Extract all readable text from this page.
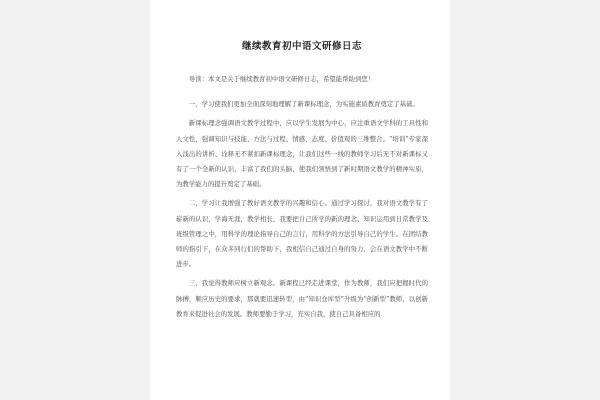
继续教育初中语文研修日志

导读：本文是关于继续教育初中语文研修日志，希望能帮助到您！

一、学习使我们更加全面深刻地理解了新课标理念，为实施素质教育奠定了基础。

新课标理念强调语文教学过程中，应以学生发展为中心，应注重语文学科的工具性和人文性，强调知识与技能、方法与过程、情感、态度、价值观的三维整合。“培训”专家深入浅出的讲析、诠释无不紧扣新课标理念，让我们这些一线的教师学习后无不对新课标又有了一个全新的认识，丰富了我们的头脑，使我们领悟到了新时期语文教学的精神实质，为教学能力的提升奠定了基础。

二、学习让我增强了教好语文教学的兴趣和信心。通过学习探讨，我对语文教学有了崭新的认识，学海无涯，教学相长，我要把自己所学的新的理念、知识运用到日常教学及班级管理之中，用科学的理论指导自己的言行，用科学的方法引导自己的学生。在团结教师的指引下，在众多同行们的帮助下，我相信自己通过自身的努力，会在语文教学中不断进步。

三、我觉得教师应树立新观念。新课程已经走进课堂，作为教师，我们应把握时代的脉搏，顺应历史的要求，那就要迅速转型，由“知识仓库型”升级为“创新型”教师，以创新教育来促进社会的发展。教师要勤于学习，充实自我，使自己具备相应的
